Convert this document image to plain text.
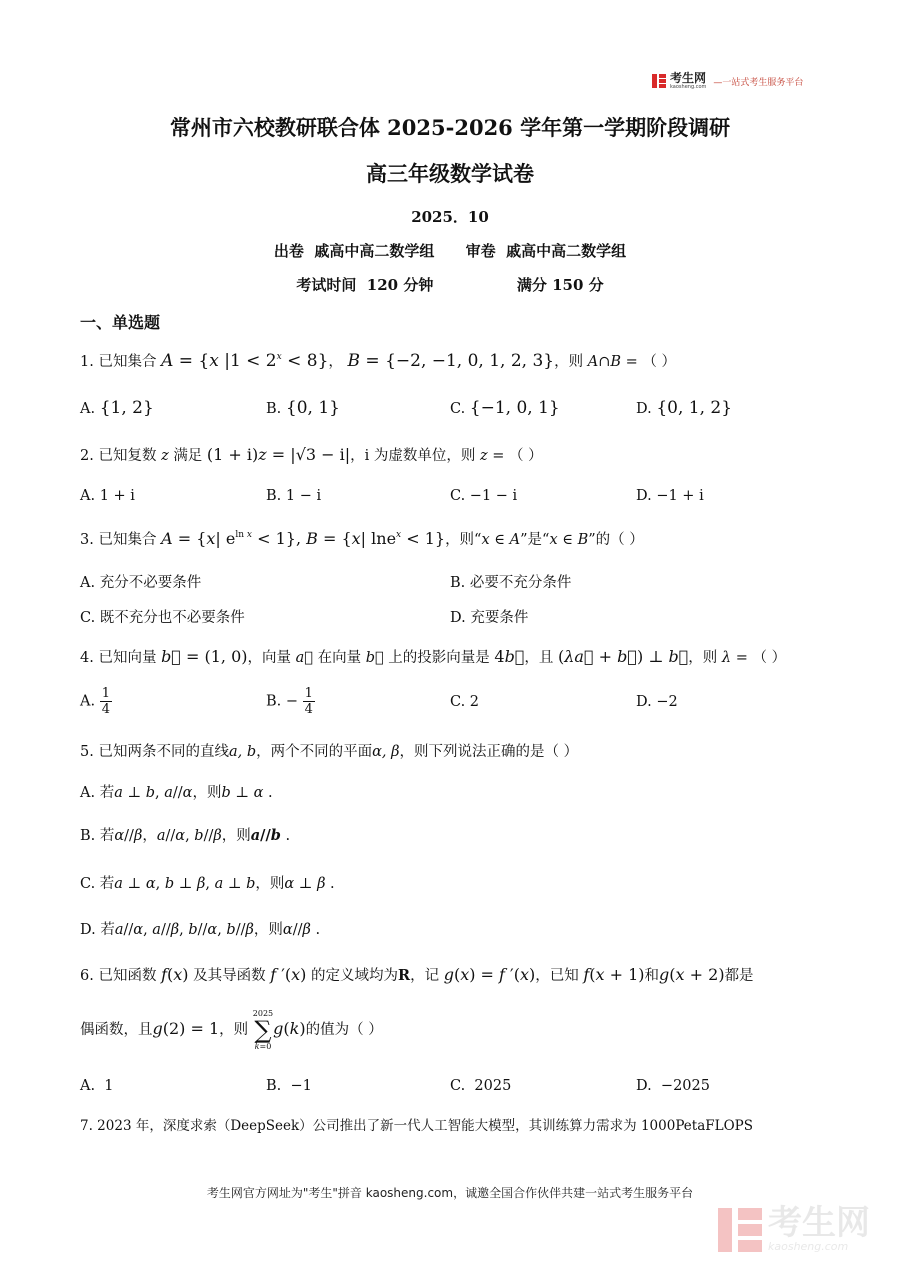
考生网
kaosheng.com —一站式考生服务平台
常州市六校教研联合体 2025-2026 学年第一学期阶段调研
高三年级数学试卷
2025．10
出卷  戚高中高二数学组      审卷  戚高中高二数学组
考试时间  120 分钟                满分 150 分
一、单选题
1. 已知集合 A = {x $|1 < 2^x < 8$}， B = {−2, −1, 0, 1, 2, 3}，则 A∩B = （ ）
A. {1, 2}	B. {0, 1}	C. {−1, 0, 1}	D. {0, 1, 2}
2. 已知复数 z 满足 (1 + i)z = |√3 − i|，i 为虚数单位，则 z = （ ）
A. 1 + i	B. 1 − i	C. −1 − i	D. −1 + i
3. 已知集合 A = {x| $e^{ln x} < 1$}, B = {x| lne$^x$ < 1}，则“x ∈ A”是“x ∈ B”的（ ）
A. 充分不必要条件	B. 必要不充分条件
C. 既不充分也不必要条件	D. 充要条件
4. 已知向量 b⃗ = (1, 0)，向量 a⃗ 在向量 b⃗ 上的投影向量是 4b⃗，且 (λa⃗ + b⃗) ⊥ b⃗，则 λ = （ ）
A. $\frac{1}{4}$	B. − $\frac{1}{4}$	C. 2	D. −2
5. 已知两条不同的直线a, b，两个不同的平面α, β，则下列说法正确的是（ ）
A. 若a ⊥ b, a//α，则b ⊥ α .
B. 若α//β，a//α, b//β，则a//b .
C. 若a ⊥ α, b ⊥ β, a ⊥ b，则α ⊥ β .
D. 若a//α, a//β, b//α, b//β，则α//β .
6. 已知函数 f(x) 及其导函数 f ′(x) 的定义域均为R，记 g(x) = f ′(x)，已知 f(x + 1)和g(x + 2)都是
偶函数，且g(2) = 1，则
2025
∑
k=0
g(k)的值为（ ）
A.  1	B.  −1	C.  2025	D.  −2025
7. 2023 年，深度求索（DeepSeek）公司推出了新一代人工智能大模型，其训练算力需求为 1000PetaFLOPS
考生网官方网址为"考生"拼音 kaosheng.com，诚邀全国合作伙伴共建一站式考生服务平台
考生网
kaosheng.com
